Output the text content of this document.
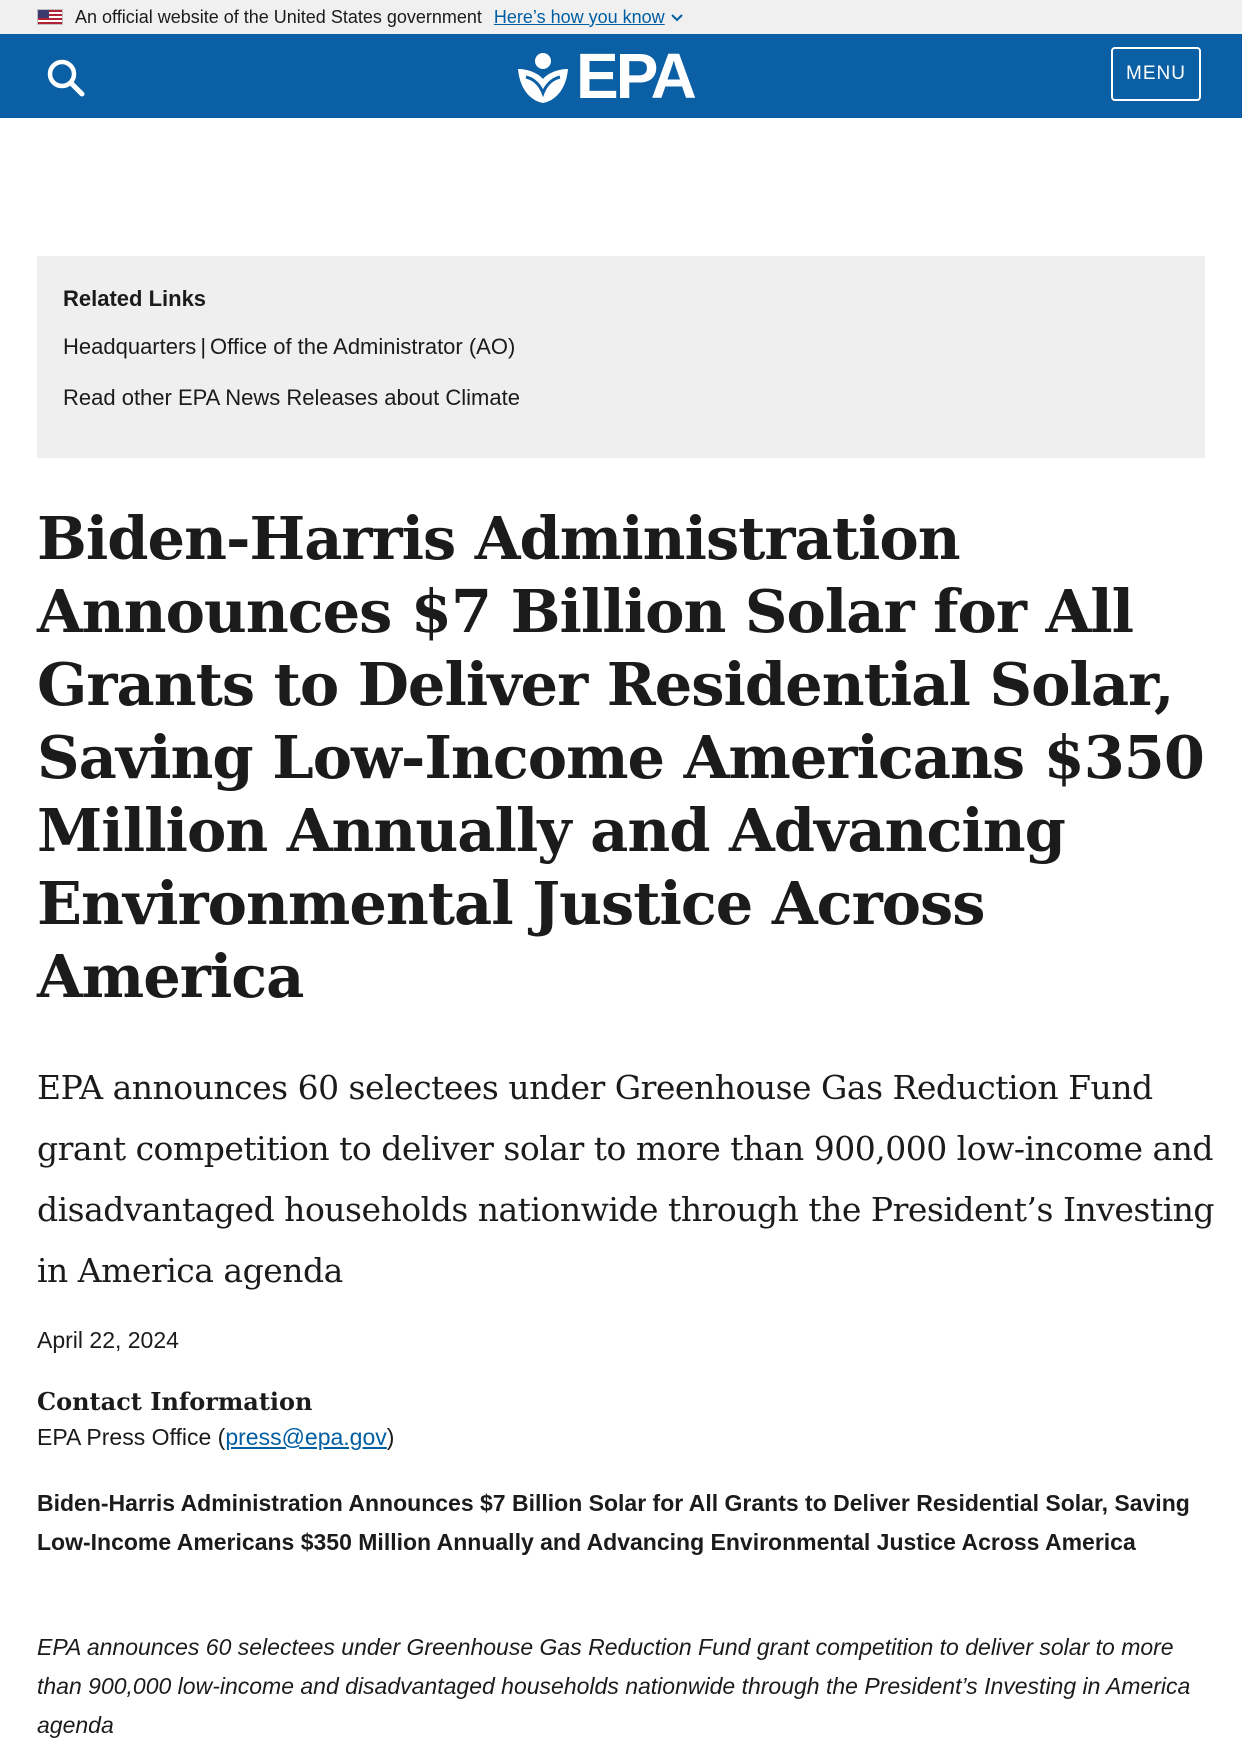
An official website of the United States government Here’s how you know
EPA	MENU

Related Links

Headquarters | Office of the Administrator (AO)

Read other EPA News Releases about Climate

Biden-Harris Administration Announces $7 Billion Solar for All Grants to Deliver Residential Solar, Saving Low-Income Americans $350 Million Annually and Advancing Environmental Justice Across America

EPA announces 60 selectees under Greenhouse Gas Reduction Fund grant competition to deliver solar to more than 900,000 low-income and disadvantaged households nationwide through the President’s Investing in America agenda

April 22, 2024

Contact Information

EPA Press Office (press@epa.gov)

Biden-Harris Administration Announces $7 Billion Solar for All Grants to Deliver Residential Solar, Saving Low-Income Americans $350 Million Annually and Advancing Environmental Justice Across America

EPA announces 60 selectees under Greenhouse Gas Reduction Fund grant competition to deliver solar to more than 900,000 low-income and disadvantaged households nationwide through the President’s Investing in America agenda
